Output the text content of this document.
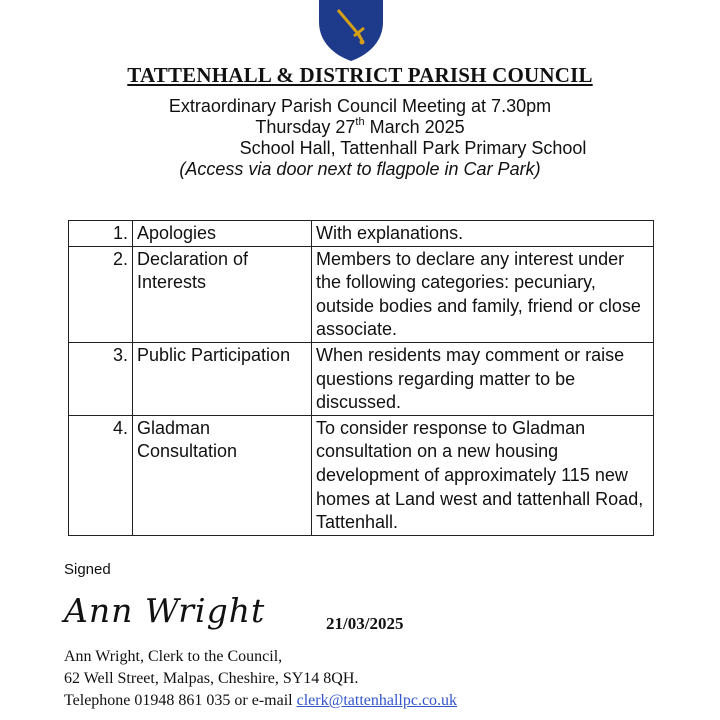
TATTENHALL & DISTRICT PARISH COUNCIL
Extraordinary Parish Council Meeting at 7.30pm
Thursday 27th March 2025
School Hall, Tattenhall Park Primary School
(Access via door next to flagpole in Car Park)
1.	Apologies	With explanations.
2.	Declaration of Interests	Members to declare any interest under the following categories: pecuniary, outside bodies and family, friend or close associate.
3.	Public Participation	When residents may comment or raise questions regarding matter to be discussed.
4.	Gladman Consultation	To consider response to Gladman consultation on a new housing development of approximately 115 new homes at Land west and tattenhall Road, Tattenhall.
Signed
Ann Wright	21/03/2025
Ann Wright, Clerk to the Council,
62 Well Street, Malpas, Cheshire, SY14 8QH.
Telephone 01948 861 035 or e-mail clerk@tattenhallpc.co.uk
